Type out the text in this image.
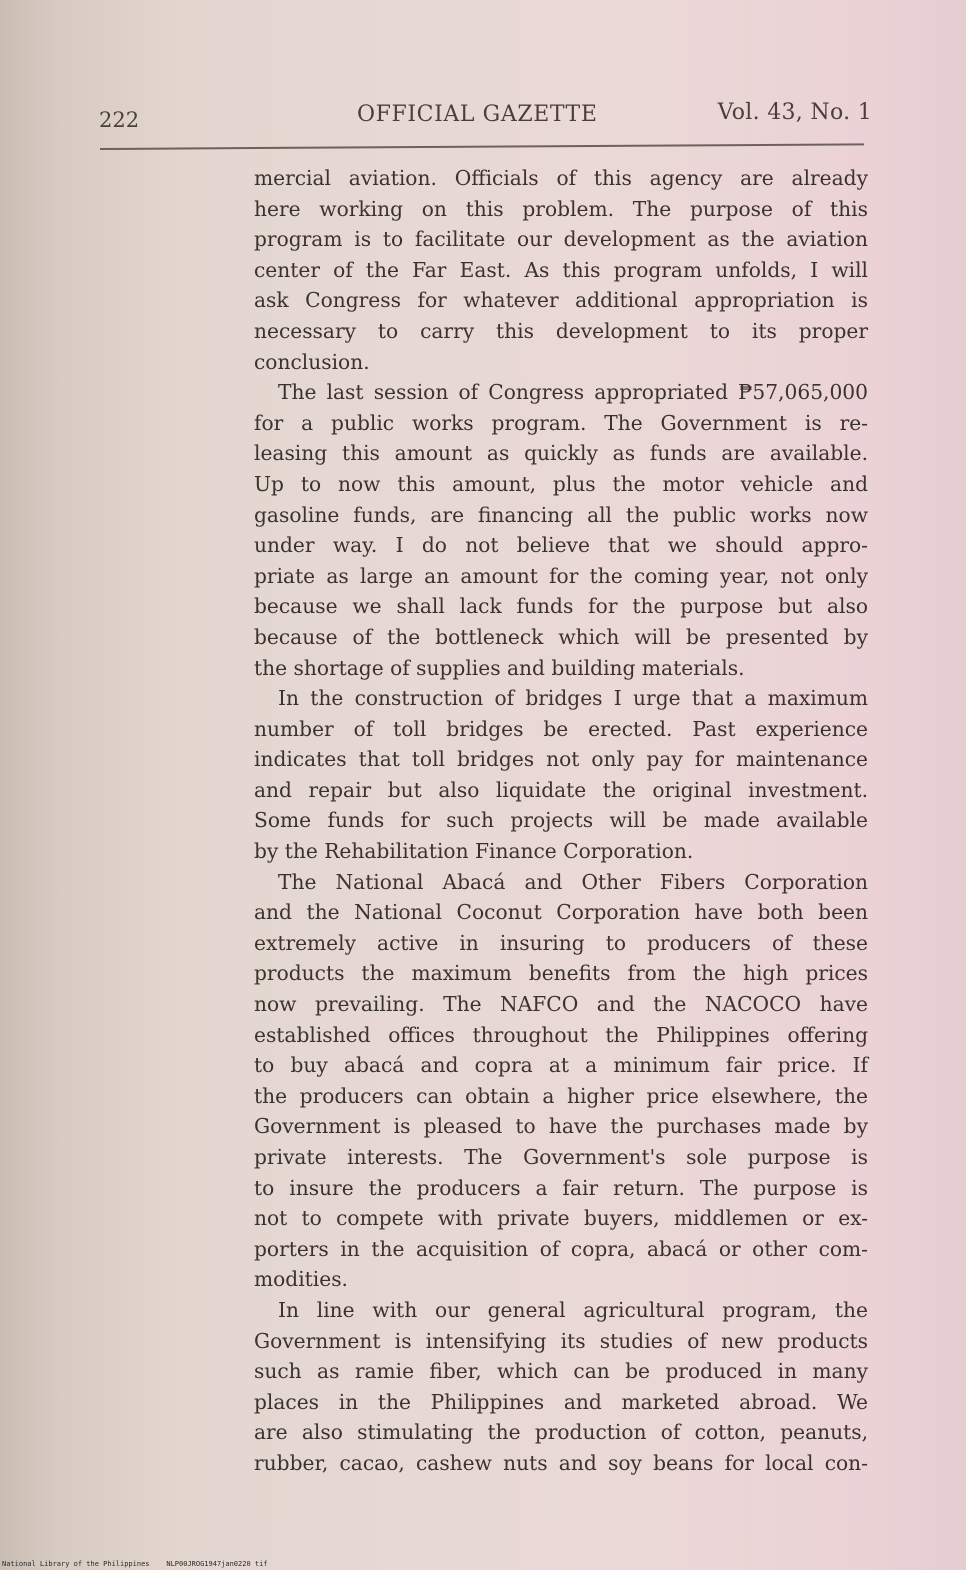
222	OFFICIAL GAZETTE	Vol. 43, No. 1
mercial aviation. Officials of this agency are already
here working on this problem. The purpose of this
program is to facilitate our development as the aviation
center of the Far East. As this program unfolds, I will
ask Congress for whatever additional appropriation is
necessary to carry this development to its proper
conclusion.
The last session of Congress appropriated ₱57,065,000
for a public works program. The Government is re-
leasing this amount as quickly as funds are available.
Up to now this amount, plus the motor vehicle and
gasoline funds, are financing all the public works now
under way. I do not believe that we should appro-
priate as large an amount for the coming year, not only
because we shall lack funds for the purpose but also
because of the bottleneck which will be presented by
the shortage of supplies and building materials.
In the construction of bridges I urge that a maximum
number of toll bridges be erected. Past experience
indicates that toll bridges not only pay for maintenance
and repair but also liquidate the original investment.
Some funds for such projects will be made available
by the Rehabilitation Finance Corporation.
The National Abacá and Other Fibers Corporation
and the National Coconut Corporation have both been
extremely active in insuring to producers of these
products the maximum benefits from the high prices
now prevailing. The NAFCO and the NACOCO have
established offices throughout the Philippines offering
to buy abacá and copra at a minimum fair price. If
the producers can obtain a higher price elsewhere, the
Government is pleased to have the purchases made by
private interests. The Government's sole purpose is
to insure the producers a fair return. The purpose is
not to compete with private buyers, middlemen or ex-
porters in the acquisition of copra, abacá or other com-
modities.
In line with our general agricultural program, the
Government is intensifying its studies of new products
such as ramie fiber, which can be produced in many
places in the Philippines and marketed abroad. We
are also stimulating the production of cotton, peanuts,
rubber, cacao, cashew nuts and soy beans for local con-
National Library of the Philippines NLP00JROG1947jan0220 tif
